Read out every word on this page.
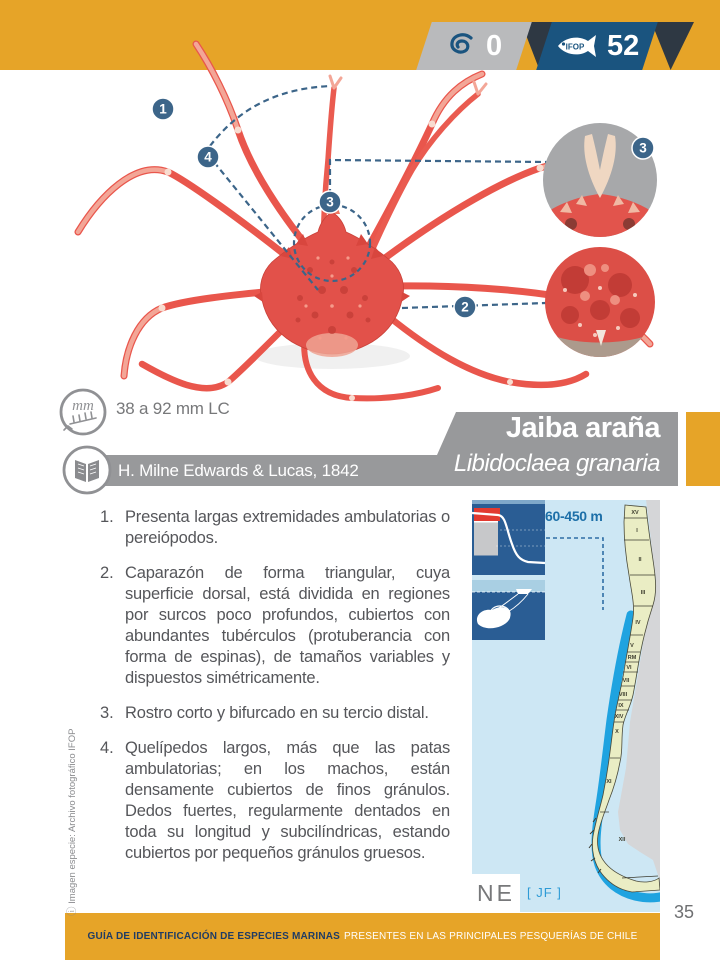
0	IFOP 52
1
4
3
2
3
mm 38 a 92 mm LC
Jaiba araña
Libidoclaea granaria
H. Milne Edwards & Lucas, 1842
1. Presenta largas extremidades ambulatorias o pereiópodos.
2. Caparazón de forma triangular, cuya superficie dorsal, está dividida en regiones por surcos poco profundos, cubiertos con abundantes tubérculos (protuberancia con forma de espinas), de tamaños variables y dispuestos simétricamente.
3. Rostro corto y bifurcado en su tercio distal.
4. Quelípedos largos, más que las patas ambulatorias; en los machos, están densamente cubiertos de finos gránulos. Dedos fuertes, regularmente dentados en toda su longitud y subcilíndricas, estando cubiertos por pequeños gránulos gruesos.
XV
I
II
III
IV
V
RM
VI
VII
VIII
IX
XIV
X
XI
XII
60-450 m
NE [ JF ]
GUÍA DE IDENTIFICACIÓN DE ESPECIES MARINAS PRESENTES EN LAS PRINCIPALES PESQUERÍAS DE CHILE
35
ⓘ Imagen especie: Archivo fotográfico IFOP
